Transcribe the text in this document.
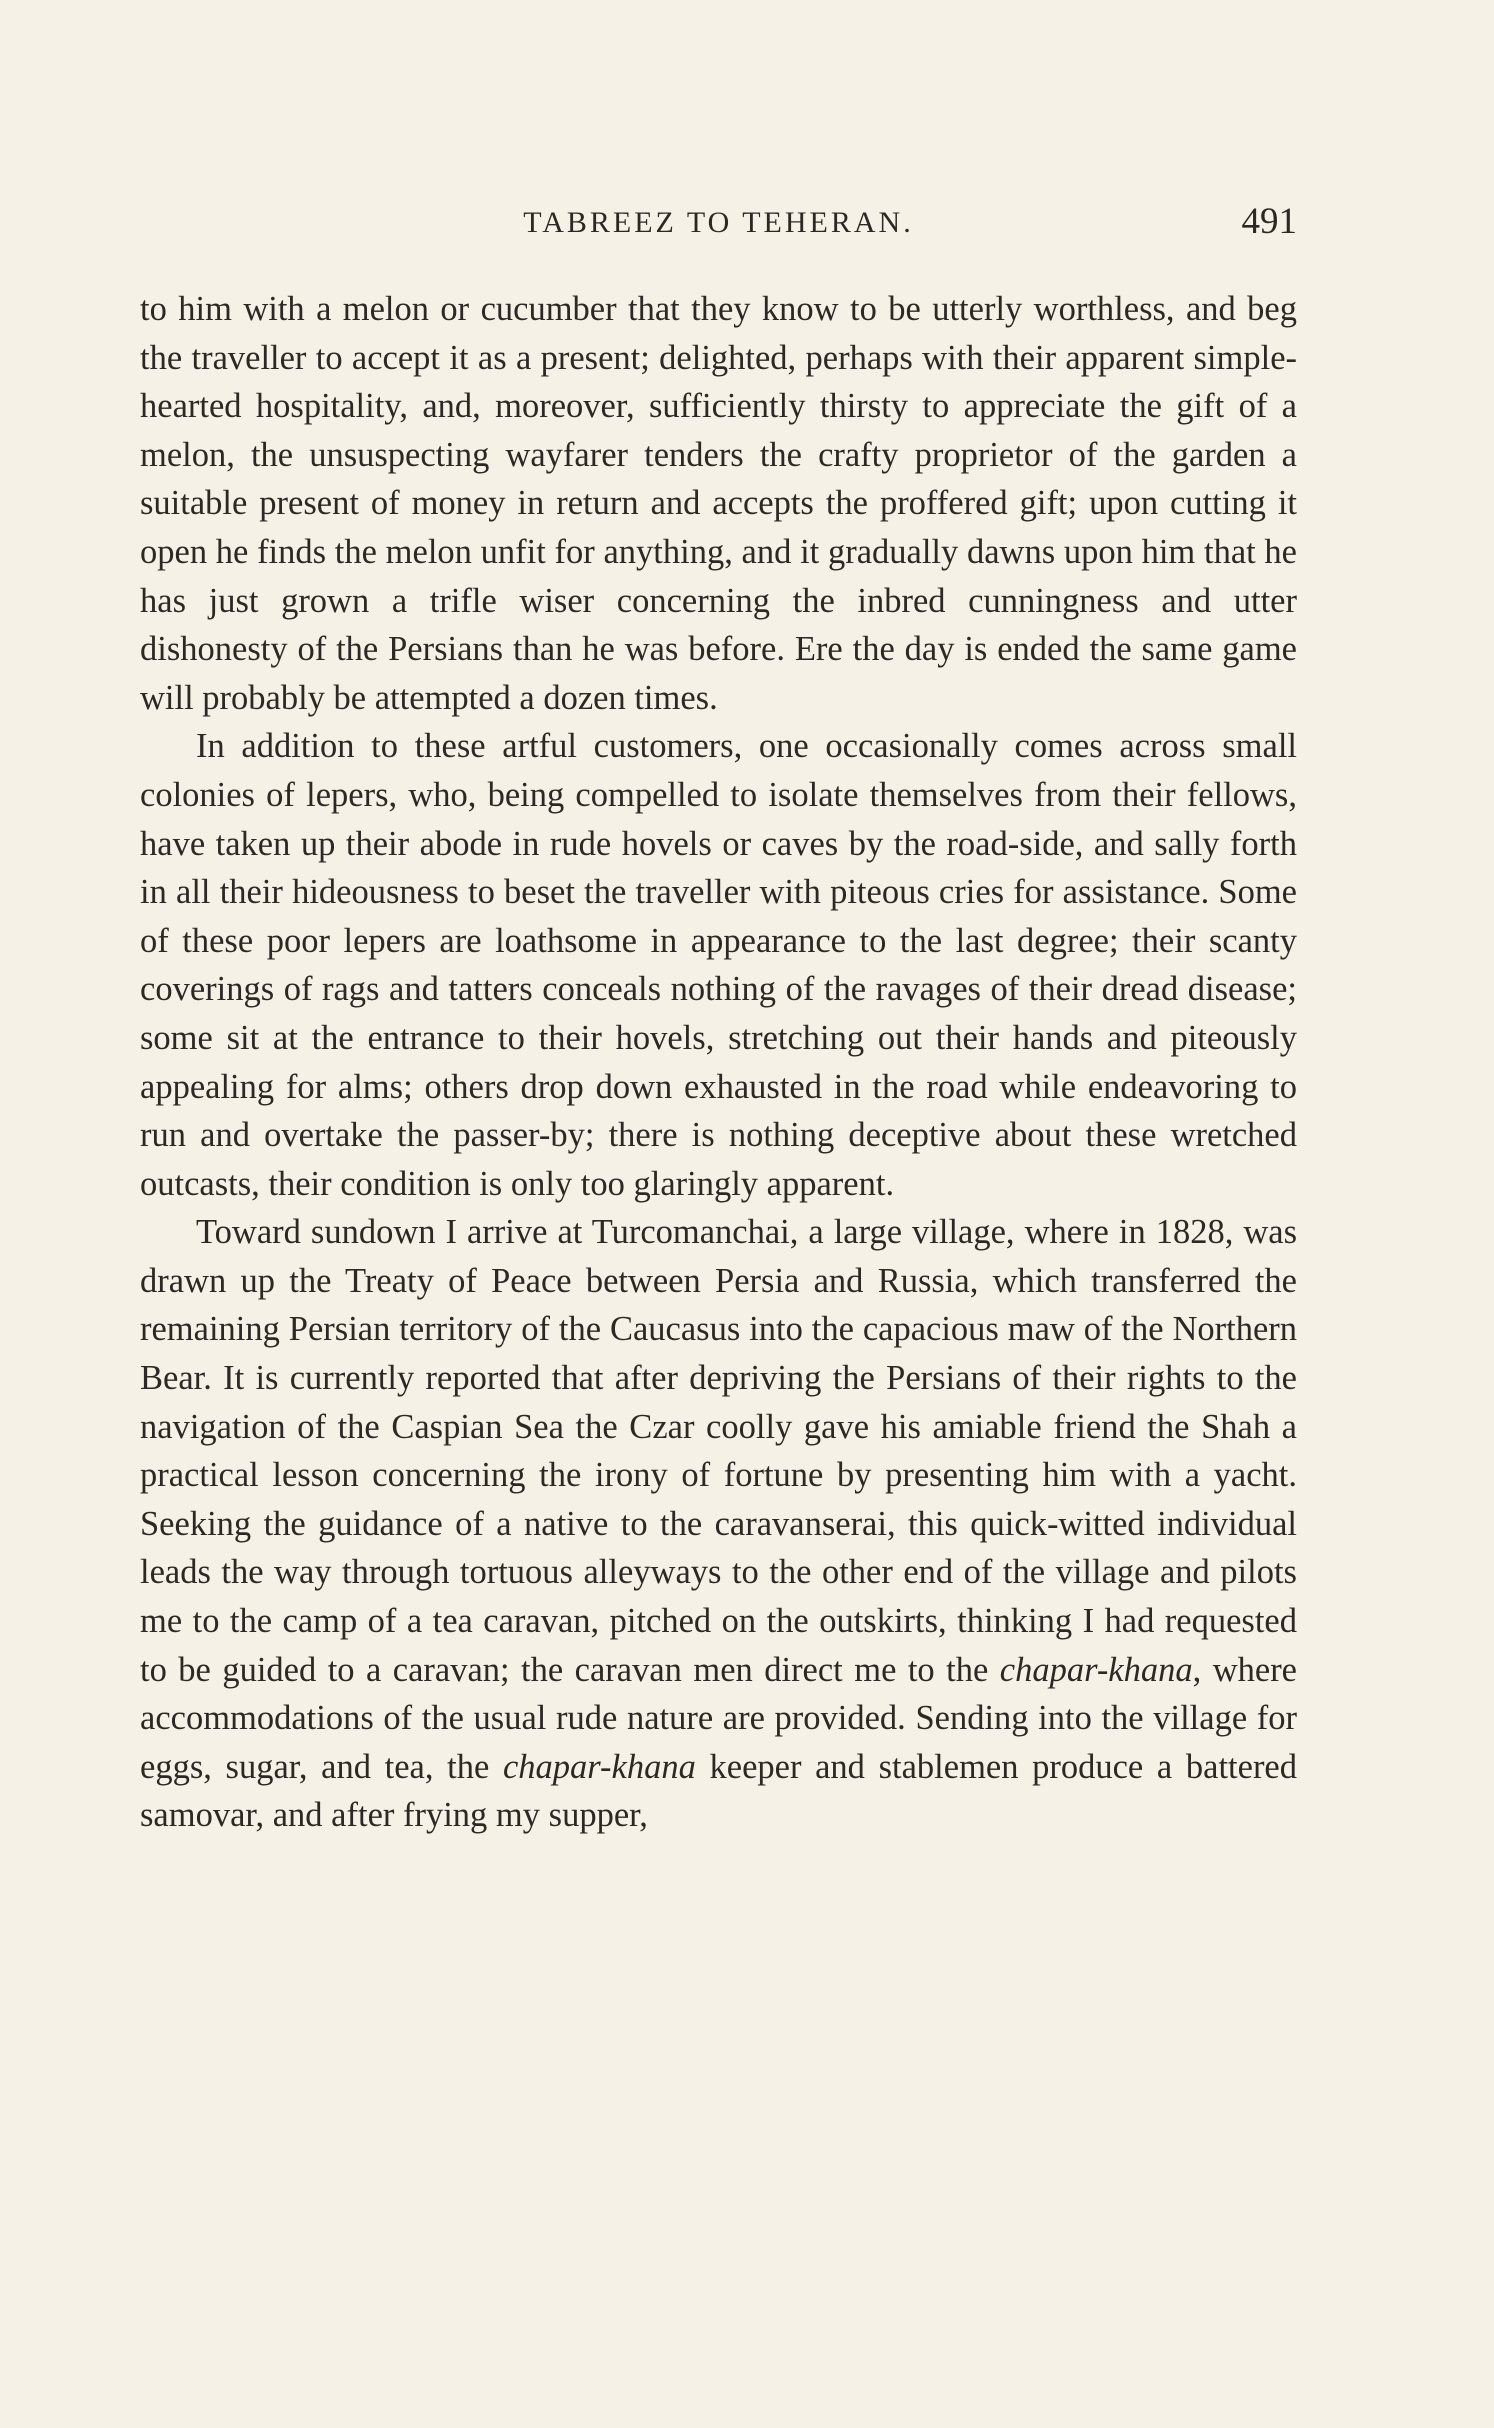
TABREEZ TO TEHERAN.	491

to him with a melon or cucumber that they know to be utterly worthless, and beg the traveller to accept it as a present; delighted, perhaps with their apparent simple-hearted hospitality, and, moreover, sufficiently thirsty to appreciate the gift of a melon, the unsuspecting wayfarer tenders the crafty proprietor of the garden a suitable present of money in return and accepts the proffered gift; upon cutting it open he finds the melon unfit for anything, and it gradually dawns upon him that he has just grown a trifle wiser concerning the inbred cunningness and utter dishonesty of the Persians than he was before. Ere the day is ended the same game will probably be attempted a dozen times.

In addition to these artful customers, one occasionally comes across small colonies of lepers, who, being compelled to isolate themselves from their fellows, have taken up their abode in rude hovels or caves by the road-side, and sally forth in all their hideousness to beset the traveller with piteous cries for assistance. Some of these poor lepers are loathsome in appearance to the last degree; their scanty coverings of rags and tatters conceals nothing of the ravages of their dread disease; some sit at the entrance to their hovels, stretching out their hands and piteously appealing for alms; others drop down exhausted in the road while endeavoring to run and overtake the passer-by; there is nothing deceptive about these wretched outcasts, their condition is only too glaringly apparent.

Toward sundown I arrive at Turcomanchai, a large village, where in 1828, was drawn up the Treaty of Peace between Persia and Russia, which transferred the remaining Persian territory of the Caucasus into the capacious maw of the Northern Bear. It is currently reported that after depriving the Persians of their rights to the navigation of the Caspian Sea the Czar coolly gave his amiable friend the Shah a practical lesson concerning the irony of fortune by presenting him with a yacht. Seeking the guidance of a native to the caravanserai, this quick-witted individual leads the way through tortuous alleyways to the other end of the village and pilots me to the camp of a tea caravan, pitched on the outskirts, thinking I had requested to be guided to a caravan; the caravan men direct me to the chapar-khana, where accommodations of the usual rude nature are provided. Sending into the village for eggs, sugar, and tea, the chapar-khana keeper and stablemen produce a battered samovar, and after frying my supper,
